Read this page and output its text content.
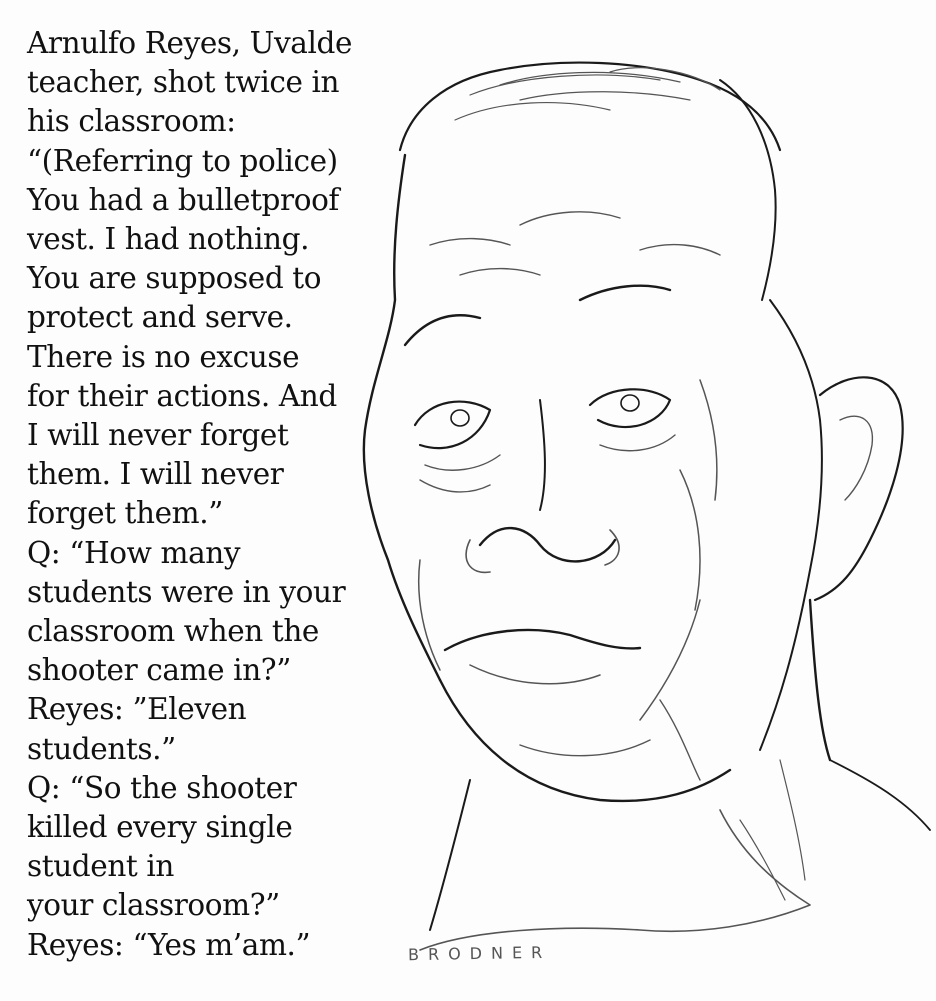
Arnulfo Reyes, Uvalde
teacher, shot twice in
his classroom:
“(Referring to police)
You had a bulletproof
vest. I had nothing.
You are supposed to
protect and serve.
There is no excuse
for their actions. And
I will never forget
them. I will never
forget them.”
Q: “How many
students were in your
classroom when the
shooter came in?”
Reyes: ”Eleven
students.”
Q: “So the shooter
killed every single
student in
your classroom?”
Reyes: “Yes m’am.”	BRODNER
